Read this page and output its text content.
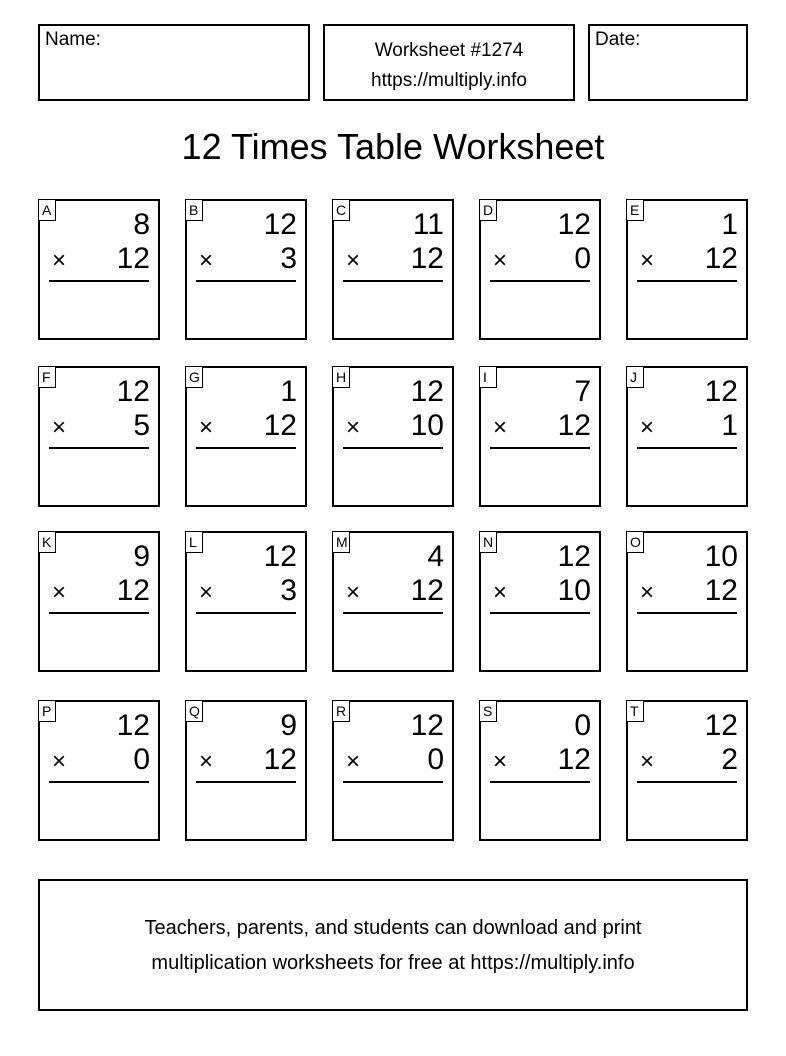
Name:
Worksheet #1274
https://multiply.info
Date:
12 Times Table Worksheet
A	8
× 12
B 12
× 3
C 11
× 12
D 12
× 0
E	1
× 12
F 12
× 5
G	1
× 12
H 12
× 10
I	7
× 12
J 12
× 1
K	9
× 12
L 12
× 3
M	4
× 12
N 12
× 10
O 10
× 12
P 12
× 0
Q	9
× 12
R 12
× 0
S	0
× 12
T 12
× 2
Teachers, parents, and students can download and print
multiplication worksheets for free at https://multiply.info
